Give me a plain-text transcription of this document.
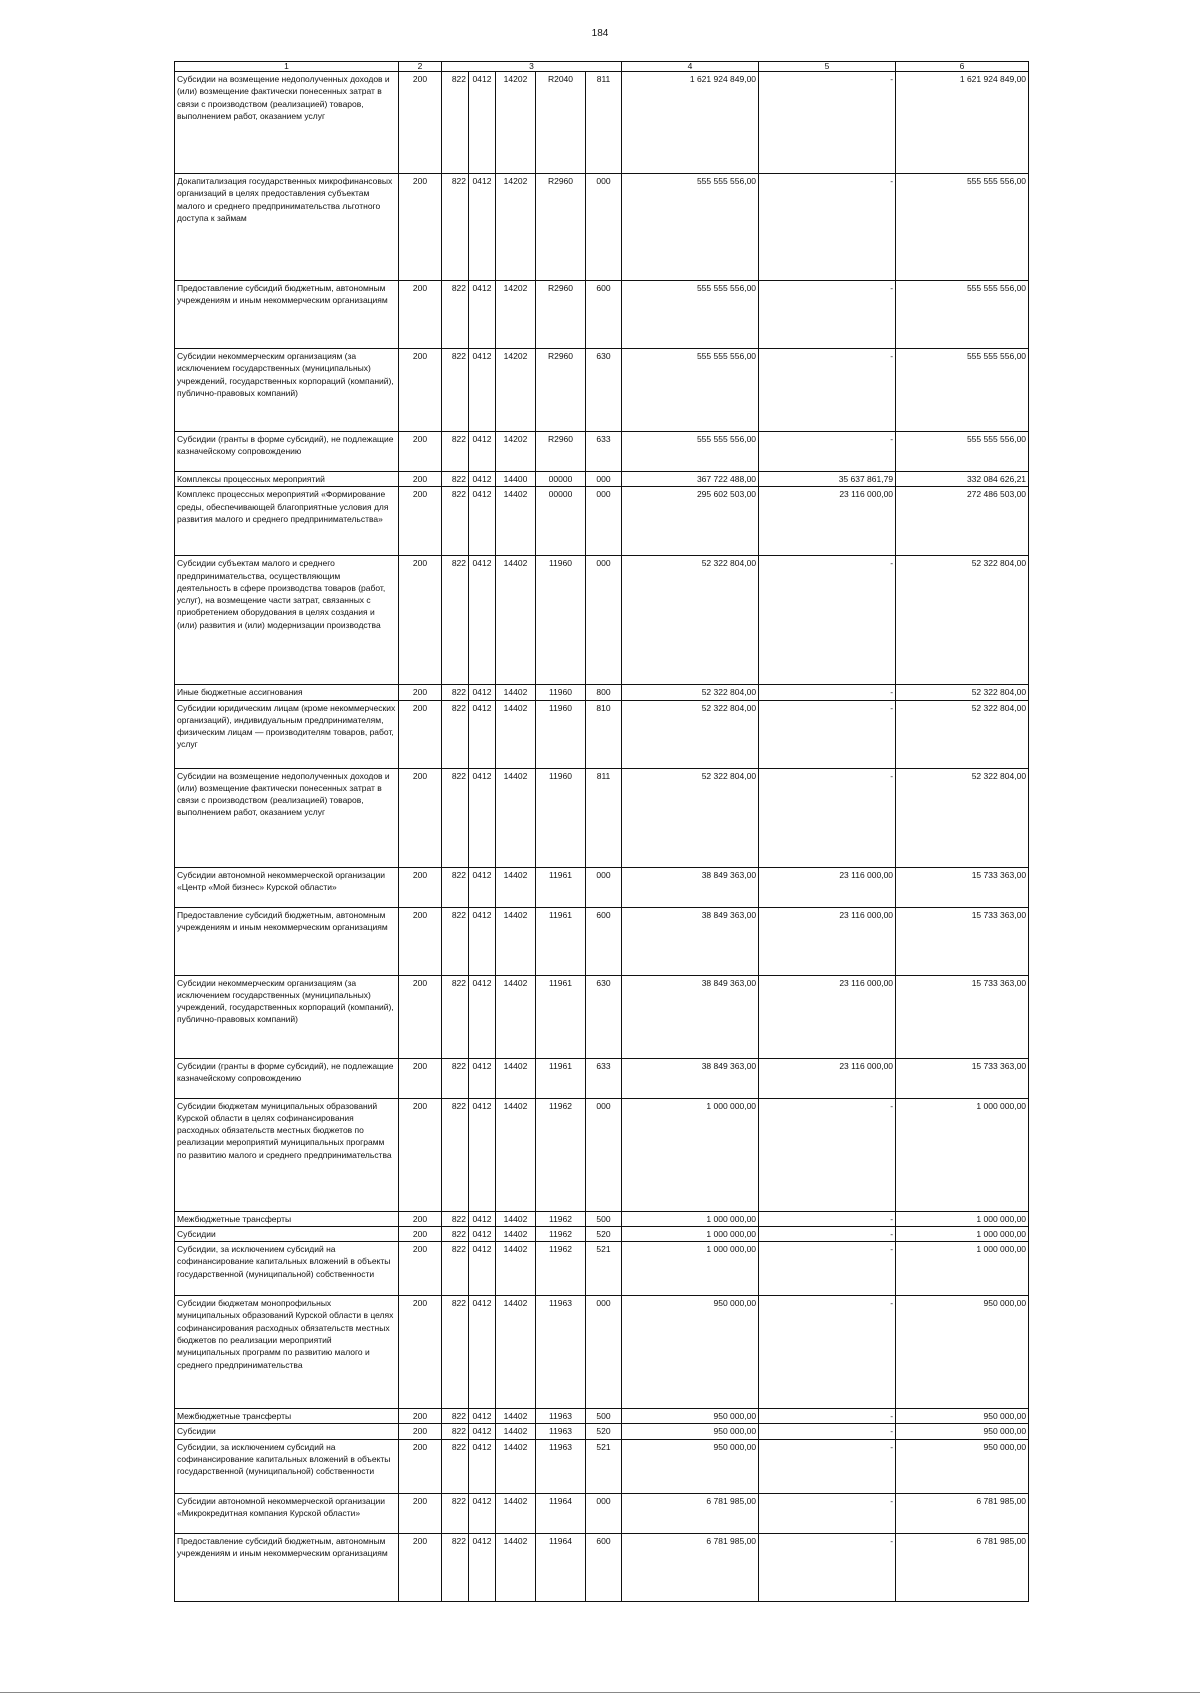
184
1	2	3					4	5	6
Субсидии на возмещение недополученных доходов и (или) возмещение фактически понесенных затрат в связи с производством (реализацией) товаров, выполнением работ, оказанием услуг	200	822	0412	14202	R2040	811	1 621 924 849,00	-	1 621 924 849,00
Докапитализация государственных микрофинансовых организаций в целях предоставления субъектам малого и среднего предпринимательства льготного доступа к займам	200	822	0412	14202	R2960	000	555 555 556,00	-	555 555 556,00
Предоставление субсидий бюджетным, автономным учреждениям и иным некоммерческим организациям	200	822	0412	14202	R2960	600	555 555 556,00	-	555 555 556,00
Субсидии некоммерческим организациям (за исключением государственных (муниципальных) учреждений, государственных корпораций (компаний), публично-правовых компаний)	200	822	0412	14202	R2960	630	555 555 556,00	-	555 555 556,00
Субсидии (гранты в форме субсидий), не подлежащие казначейскому сопровождению	200	822	0412	14202	R2960	633	555 555 556,00	-	555 555 556,00
Комплексы процессных мероприятий	200	822	0412	14400	00000	000	367 722 488,00	35 637 861,79	332 084 626,21
Комплекс процессных мероприятий «Формирование среды, обеспечивающей благоприятные условия для развития малого и среднего предпринимательства»	200	822	0412	14402	00000	000	295 602 503,00	23 116 000,00	272 486 503,00
Субсидии субъектам малого и среднего предпринимательства, осуществляющим деятельность в сфере производства товаров (работ, услуг), на возмещение части затрат, связанных с приобретением оборудования в целях создания и (или) развития и (или) модернизации производства	200	822	0412	14402	11960	000	52 322 804,00	-	52 322 804,00
Иные бюджетные ассигнования	200	822	0412	14402	11960	800	52 322 804,00	-	52 322 804,00
Субсидии юридическим лицам (кроме некоммерческих организаций), индивидуальным предпринимателям, физическим лицам — производителям товаров, работ, услуг	200	822	0412	14402	11960	810	52 322 804,00	-	52 322 804,00
Субсидии на возмещение недополученных доходов и (или) возмещение фактически понесенных затрат в связи с производством (реализацией) товаров, выполнением работ, оказанием услуг	200	822	0412	14402	11960	811	52 322 804,00	-	52 322 804,00
Субсидии автономной некоммерческой организации «Центр «Мой бизнес» Курской области»	200	822	0412	14402	11961	000	38 849 363,00	23 116 000,00	15 733 363,00
Предоставление субсидий бюджетным, автономным учреждениям и иным некоммерческим организациям	200	822	0412	14402	11961	600	38 849 363,00	23 116 000,00	15 733 363,00
Субсидии некоммерческим организациям (за исключением государственных (муниципальных) учреждений, государственных корпораций (компаний), публично-правовых компаний)	200	822	0412	14402	11961	630	38 849 363,00	23 116 000,00	15 733 363,00
Субсидии (гранты в форме субсидий), не подлежащие казначейскому сопровождению	200	822	0412	14402	11961	633	38 849 363,00	23 116 000,00	15 733 363,00
Субсидии бюджетам муниципальных образований Курской области в целях софинансирования расходных обязательств местных бюджетов по реализации мероприятий муниципальных программ по развитию малого и среднего предпринимательства	200	822	0412	14402	11962	000	1 000 000,00	-	1 000 000,00
Межбюджетные трансферты	200	822	0412	14402	11962	500	1 000 000,00	-	1 000 000,00
Субсидии	200	822	0412	14402	11962	520	1 000 000,00	-	1 000 000,00
Субсидии, за исключением субсидий на софинансирование капитальных вложений в объекты государственной (муниципальной) собственности	200	822	0412	14402	11962	521	1 000 000,00	-	1 000 000,00
Субсидии бюджетам монопрофильных муниципальных образований Курской области в целях софинансирования расходных обязательств местных бюджетов по реализации мероприятий муниципальных программ по развитию малого и среднего предпринимательства	200	822	0412	14402	11963	000	950 000,00	-	950 000,00
Межбюджетные трансферты	200	822	0412	14402	11963	500	950 000,00	-	950 000,00
Субсидии	200	822	0412	14402	11963	520	950 000,00	-	950 000,00
Субсидии, за исключением субсидий на софинансирование капитальных вложений в объекты государственной (муниципальной) собственности	200	822	0412	14402	11963	521	950 000,00	-	950 000,00
Субсидии автономной некоммерческой организации «Микрокредитная компания Курской области»	200	822	0412	14402	11964	000	6 781 985,00	-	6 781 985,00
Предоставление субсидий бюджетным, автономным учреждениям и иным некоммерческим организациям	200	822	0412	14402	11964	600	6 781 985,00	-	6 781 985,00
